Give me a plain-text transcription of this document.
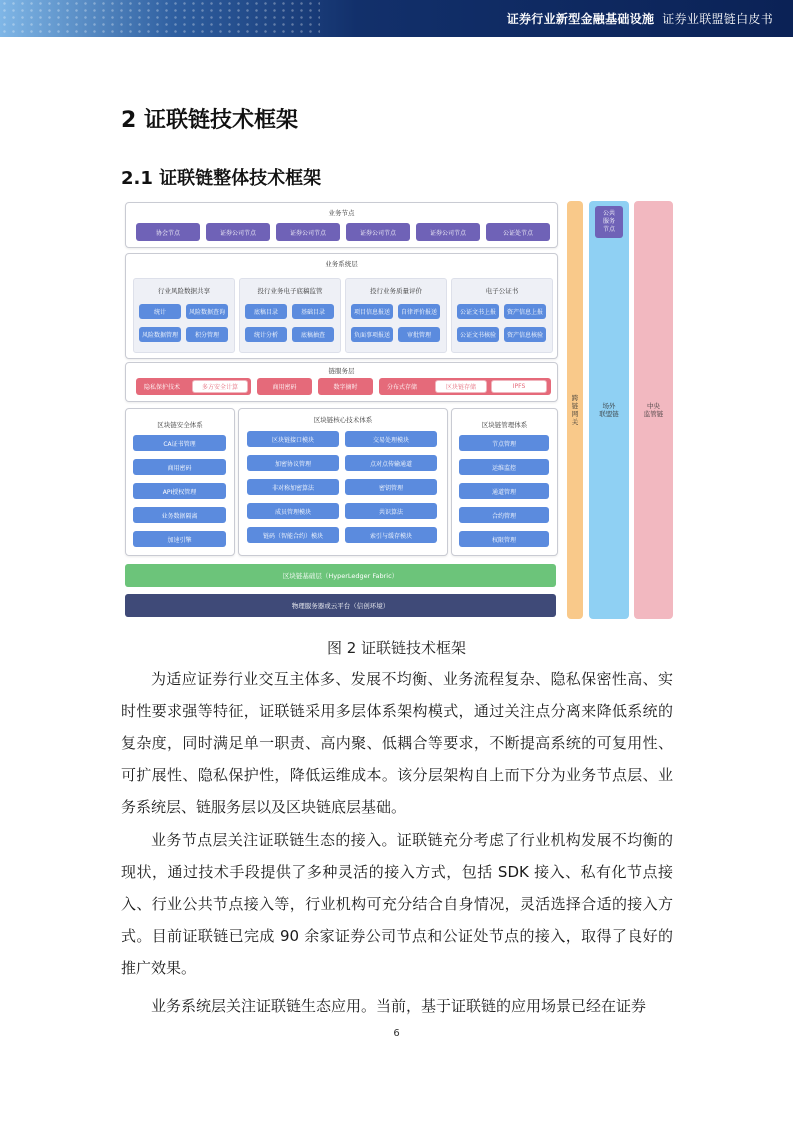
证券行业新型金融基础设施 证券业联盟链白皮书
2 证联链技术框架
2.1 证联链整体技术框架
业务节点
协会节点	证券公司节点	证券公司节点	证券公司节点	证券公司节点	公证处节点
业务系统层
行业风险数据共享
统计	风险数据查询
风险数据管理	积分管理
投行业务电子底稿监管
底稿目录	基础目录
统计分析	底稿抽查
投行业务质量评价
项目信息报送	自律评价报送
负面事项报送	审批管理
电子公证书
公证文书上报	资产信息上报
公证文书核验	资产信息核验
链服务层
隐私保护技术	多方安全计算	商用密码	数字摘时	分布式存储	区块链存储	IPFS
区块链安全体系
CA证书管理
商用密码
API授权管理
业务数据隔离
加速引擎
区块链核心技术体系
区块链接口模块	交易处理模块
加密协议管理	点对点传输通道
非对称加密算法	密钥管理
成员管理模块	共识算法
链码（智能合约）模块	索引与缓存模块
区块链管理体系
节点管理
运维监控
通道管理
合约管理
权限管理
区块链基础层（HyperLedger Fabric）
物理服务器或云平台（信创环境）
跨
链
网
关
场外
联盟链
公共
服务
节点
中央
监管链
图 2 证联链技术框架

为适应证券行业交互主体多、发展不均衡、业务流程复杂、隐私保密性高、实时性要求强等特征，证联链采用多层体系架构模式，通过关注点分离来降低系统的复杂度，同时满足单一职责、高内聚、低耦合等要求，不断提高系统的可复用性、可扩展性、隐私保护性，降低运维成本。该分层架构自上而下分为业务节点层、业务系统层、链服务层以及区块链底层基础。

业务节点层关注证联链生态的接入。证联链充分考虑了行业机构发展不均衡的现状，通过技术手段提供了多种灵活的接入方式，包括 SDK 接入、私有化节点接入、行业公共节点接入等，行业机构可充分结合自身情况，灵活选择合适的接入方式。目前证联链已完成 90 余家证券公司节点和公证处节点的接入，取得了良好的推广效果。

业务系统层关注证联链生态应用。当前，基于证联链的应用场景已经在证券

6
